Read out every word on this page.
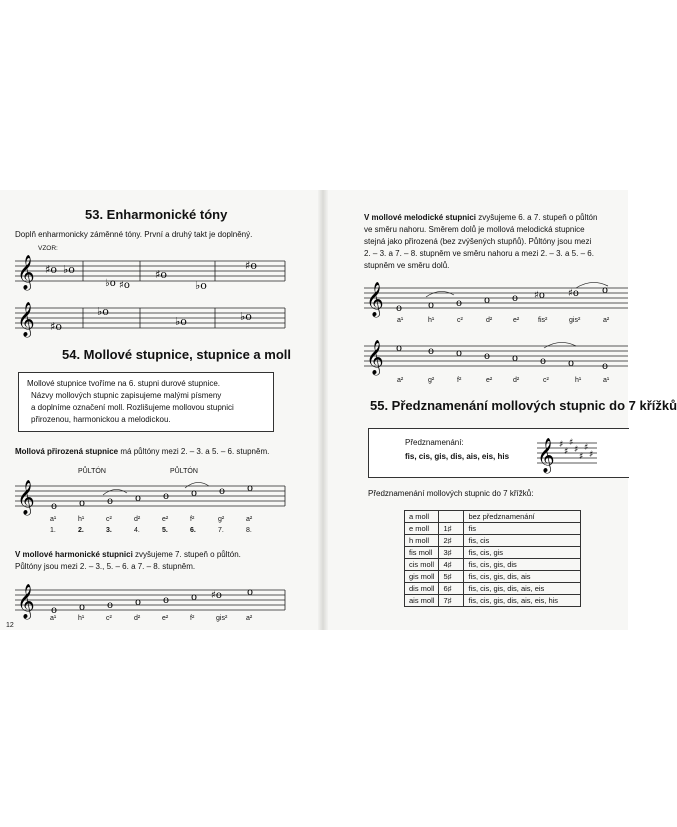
53. Enharmonické tóny
Doplň enharmonicky záměnné tóny. První a druhý takt je doplněný.
VZOR:
𝄞 ♯o ♭o
♭o ♯o
♯o
♭o
♯o
𝄞 ♯o
♭o
♭o	♭o
54. Mollové stupnice, stupnice a moll
Mollové stupnice tvoříme na 6. stupni durové stupnice.
Názvy mollových stupnic zapisujeme malými písmeny
a doplníme označení moll. Rozlišujeme mollovou stupnici
přirozenou, harmonickou a melodickou.
Mollová přirozená stupnice má půltóny mezi 2. – 3. a 5. – 6. stupněm.
PŮLTÓN	PŮLTÓN
𝄞 o o o o o o o o
a¹	h¹	c²	d²	e²	f²	g²	a²
1.	2.	3.	4.	5.	6.	7.	8.
V mollové harmonické stupnici zvyšujeme 7. stupeň o půltón.
Půltóny jsou mezi 2. – 3., 5. – 6. a 7. – 8. stupněm.
𝄞 o o o o o o ♯o	o
a¹	h¹	c²	d²	e²	f²	gis²	a²
12
V mollové melodické stupnici zvyšujeme 6. a 7. stupeň o půltón
ve směru nahoru. Směrem dolů je mollová melodická stupnice
stejná jako přirozená (bez zvýšených stupňů). Půltóny jsou mezi
2. – 3. a 7. – 8. stupněm ve směru nahoru a mezi 2. – 3. a 5. – 6.
stupněm ve směru dolů.
𝄞 o	o o o o ♯o ♯o o
a¹	h¹	c²	d²	e²	fis²	gis²	a²
𝄞 o	o o o o o o	o
a²	g²	f²	e²	d²	c²	h¹	a¹
55. Předznamenání mollových stupnic do 7 křížků
Předznamenání:
fis, cis, gis, dis, ais, eis, his 𝄞 ♯
♯
♯
♯
♯
♯
♯
Předznamenání mollových stupnic do 7 křížků:
a moll		bez předznamenání
e moll	1♯	fis
h moll	2♯	fis, cis
fis moll	3♯	fis, cis, gis
cis moll	4♯	fis, cis, gis, dis
gis moll	5♯	fis, cis, gis, dis, ais
dis moll	6♯	fis, cis, gis, dis, ais, eis
ais moll	7♯	fis, cis, gis, dis, ais, eis, his
